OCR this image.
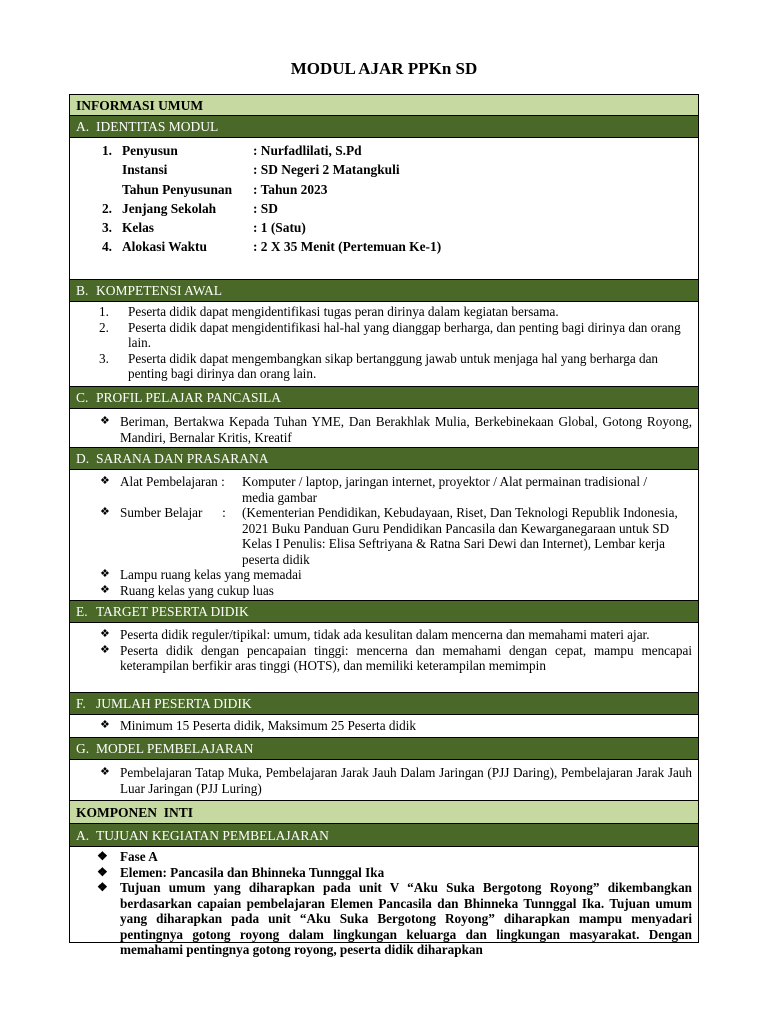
MODUL AJAR PPKn SD
INFORMASI UMUM
A. IDENTITAS MODUL
1. Penyusun	: Nurfadlilati, S.Pd
Instansi	: SD Negeri 2 Matangkuli
Tahun Penyusunan	: Tahun 2023
2. Jenjang Sekolah	: SD
3. Kelas	: 1 (Satu)
4. Alokasi Waktu	: 2 X 35 Menit (Pertemuan Ke-1)
B. KOMPETENSI AWAL
1.	Peserta didik dapat mengidentifikasi tugas peran dirinya dalam kegiatan bersama.
2.	Peserta didik dapat mengidentifikasi hal-hal yang dianggap berharga, dan penting bagi dirinya dan orang lain.
3.	Peserta didik dapat mengembangkan sikap bertanggung jawab untuk menjaga hal yang berharga dan penting bagi dirinya dan orang lain.
C. PROFIL PELAJAR PANCASILA
❖ Beriman, Bertakwa Kepada Tuhan YME, Dan Berakhlak Mulia, Berkebinekaan Global, Gotong Royong, Mandiri, Bernalar Kritis, Kreatif
D. SARANA DAN PRASARANA
❖ Alat Pembelajaran :	Komputer / laptop, jaringan internet, proyektor / Alat permainan tradisional / media gambar
❖ Sumber Belajar      :	(Kementerian Pendidikan, Kebudayaan, Riset, Dan Teknologi Republik Indonesia, 2021 Buku Panduan Guru Pendidikan Pancasila dan Kewarganegaraan untuk SD Kelas I Penulis: Elisa Seftriyana & Ratna Sari Dewi dan Internet), Lembar kerja peserta didik
❖ Lampu ruang kelas yang memadai
❖ Ruang kelas yang cukup luas
E. TARGET PESERTA DIDIK
❖ Peserta didik reguler/tipikal: umum, tidak ada kesulitan dalam mencerna dan memahami materi ajar.
❖ Peserta didik dengan pencapaian tinggi: mencerna dan memahami dengan cepat, mampu mencapai keterampilan berfikir aras tinggi (HOTS), dan memiliki keterampilan memimpin
F. JUMLAH PESERTA DIDIK
❖ Minimum 15 Peserta didik, Maksimum 25 Peserta didik
G. MODEL PEMBELAJARAN
❖ Pembelajaran Tatap Muka, Pembelajaran Jarak Jauh Dalam Jaringan (PJJ Daring), Pembelajaran Jarak Jauh Luar Jaringan (PJJ Luring)
KOMPONEN  INTI
A. TUJUAN KEGIATAN PEMBELAJARAN
❖ Fase A
❖ Elemen: Pancasila dan Bhinneka Tunnggal Ika
❖ Tujuan umum yang diharapkan pada unit V “Aku Suka Bergotong Royong” dikembangkan berdasarkan capaian pembelajaran Elemen Pancasila dan Bhinneka Tunnggal Ika. Tujuan umum yang diharapkan pada unit “Aku Suka Bergotong Royong” diharapkan mampu menyadari pentingnya gotong royong dalam lingkungan keluarga dan lingkungan masyarakat. Dengan memahami pentingnya gotong royong, peserta didik diharapkan
